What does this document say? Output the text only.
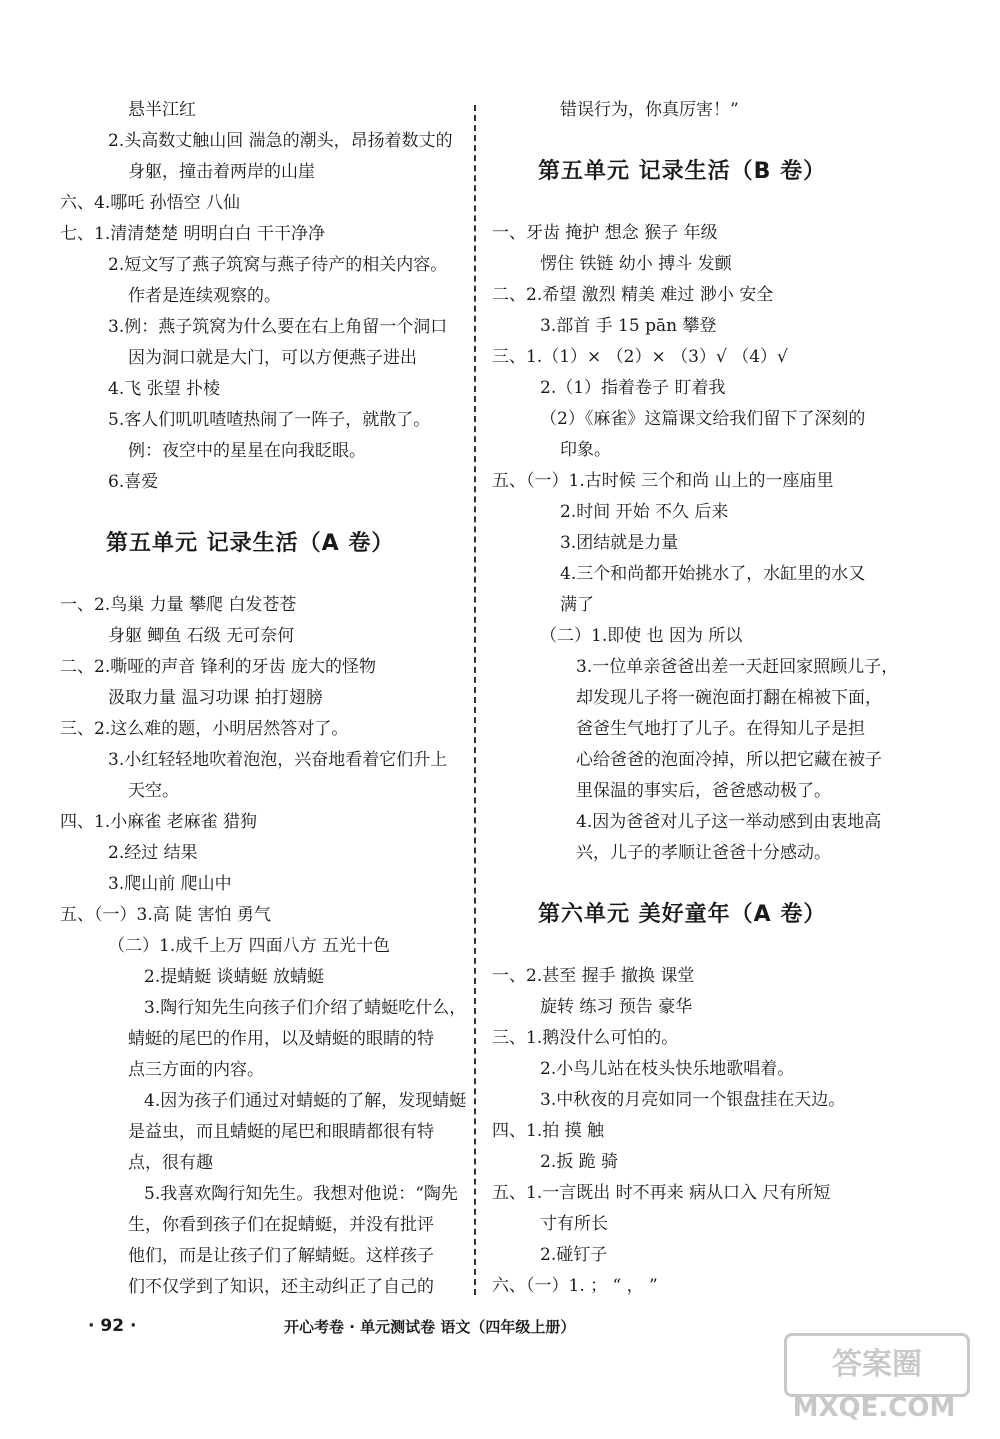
悬半江红
2.头高数丈触山回 湍急的潮头，昂扬着数丈的
身躯，撞击着两岸的山崖
六、4.哪吒 孙悟空 八仙
七、1.清清楚楚 明明白白 干干净净
2.短文写了燕子筑窝与燕子待产的相关内容。
作者是连续观察的。
3.例：燕子筑窝为什么要在右上角留一个洞口
因为洞口就是大门，可以方便燕子进出
4.飞 张望 扑棱
5.客人们叽叽喳喳热闹了一阵子，就散了。
例：夜空中的星星在向我眨眼。
6.喜爱
第五单元 记录生活（A 卷）
一、2.鸟巢 力量 攀爬 白发苍苍
身躯 鲫鱼 石级 无可奈何
二、2.嘶哑的声音 锋利的牙齿 庞大的怪物
汲取力量 温习功课 拍打翅膀
三、2.这么难的题，小明居然答对了。
3.小红轻轻地吹着泡泡，兴奋地看着它们升上
天空。
四、1.小麻雀 老麻雀 猎狗
2.经过 结果
3.爬山前 爬山中
五、（一）3.高 陡 害怕 勇气
（二）1.成千上万 四面八方 五光十色
2.提蜻蜓 谈蜻蜓 放蜻蜓
3.陶行知先生向孩子们介绍了蜻蜓吃什么，
蜻蜓的尾巴的作用，以及蜻蜓的眼睛的特
点三方面的内容。
4.因为孩子们通过对蜻蜓的了解，发现蜻蜓
是益虫，而且蜻蜓的尾巴和眼睛都很有特
点，很有趣
5.我喜欢陶行知先生。我想对他说：“陶先
生，你看到孩子们在捉蜻蜓，并没有批评
他们，而是让孩子们了解蜻蜓。这样孩子
们不仅学到了知识，还主动纠正了自己的
错误行为，你真厉害！”
第五单元 记录生活（B 卷）
一、牙齿 掩护 想念 猴子 年级
愣住 铁链 幼小 搏斗 发颤
二、2.希望 激烈 精美 难过 渺小 安全
3.部首 手 15 pān 攀登
三、1.（1）× （2）× （3）√ （4）√
2.（1）指着卷子 盯着我
（2）《麻雀》这篇课文给我们留下了深刻的
印象。
五、（一）1.古时候 三个和尚 山上的一座庙里
2.时间 开始 不久 后来
3.团结就是力量
4.三个和尚都开始挑水了，水缸里的水又
满了
（二）1.即使 也 因为 所以
3.一位单亲爸爸出差一天赶回家照顾儿子，
却发现儿子将一碗泡面打翻在棉被下面，
爸爸生气地打了儿子。在得知儿子是担
心给爸爸的泡面冷掉，所以把它藏在被子
里保温的事实后，爸爸感动极了。
4.因为爸爸对儿子这一举动感到由衷地高
兴，儿子的孝顺让爸爸十分感动。
第六单元 美好童年（A 卷）
一、2.甚至 握手 撤换 课堂
旋转 练习 预告 豪华
三、1.鹅没什么可怕的。
2.小鸟儿站在枝头快乐地歌唱着。
3.中秋夜的月亮如同一个银盘挂在天边。
四、1.拍 摸 触
2.扳 跪 骑
五、1.一言既出 时不再来 病从口入 尺有所短
寸有所长
2.碰钉子
六、（一）1. ； “ ， ”
· 92 ·	开心考卷 · 单元测试卷 语文（四年级上册）
答案圈
MXQE.COM
